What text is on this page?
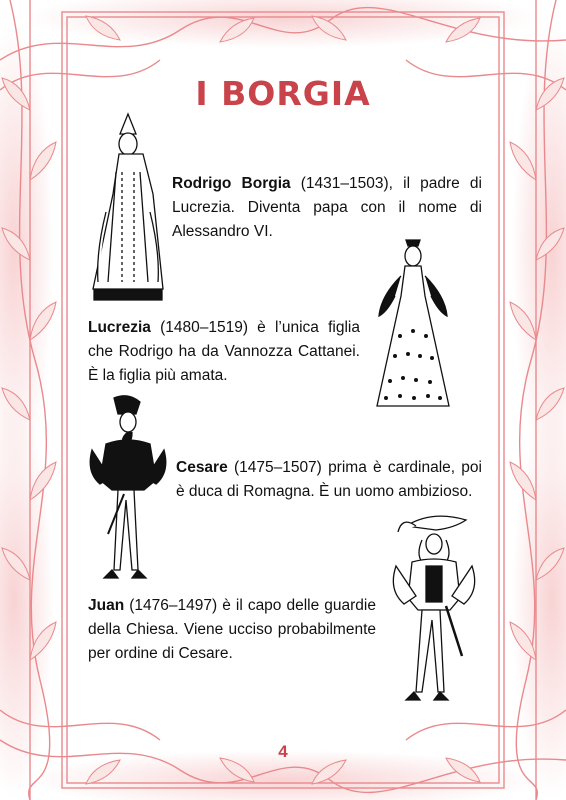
I BORGIA
Rodrigo Borgia (1431–1503), il padre di Lucrezia. Diventa papa con il nome di Alessandro VI.
Lucrezia (1480–1519) è l’unica figlia che Rodrigo ha da Vannozza Cattanei. È la figlia più amata.
Cesare (1475–1507) prima è cardinale, poi è duca di Romagna. È un uomo ambizioso.
Juan (1476–1497) è il capo delle guardie della Chiesa. Viene ucciso probabilmente per ordine di Cesare.
4
